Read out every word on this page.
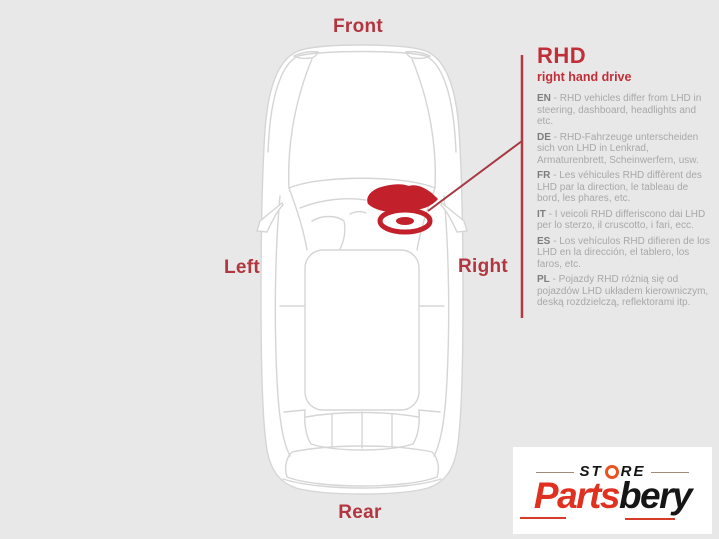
Front
Left	Right
Rear
RHD
right hand drive

EN - RHD vehicles differ from LHD in steering, dashboard, headlights and etc.

DE - RHD-Fahrzeuge unterscheiden sich von LHD in Lenkrad, Armaturenbrett, Scheinwerfern, usw.

FR - Les véhicules RHD diffèrent des LHD par la direction, le tableau de bord, les phares, etc.

IT - I veicoli RHD differiscono dai LHD per lo sterzo, il cruscotto, i fari, ecc.

ES - Los vehículos RHD difieren de los LHD en la dirección, el tablero, los faros, etc.

PL - Pojazdy RHD różnią się od pojazdów LHD układem kierowniczym, deską rozdzielczą, reflektorami itp.

ST RE
Partsbery
